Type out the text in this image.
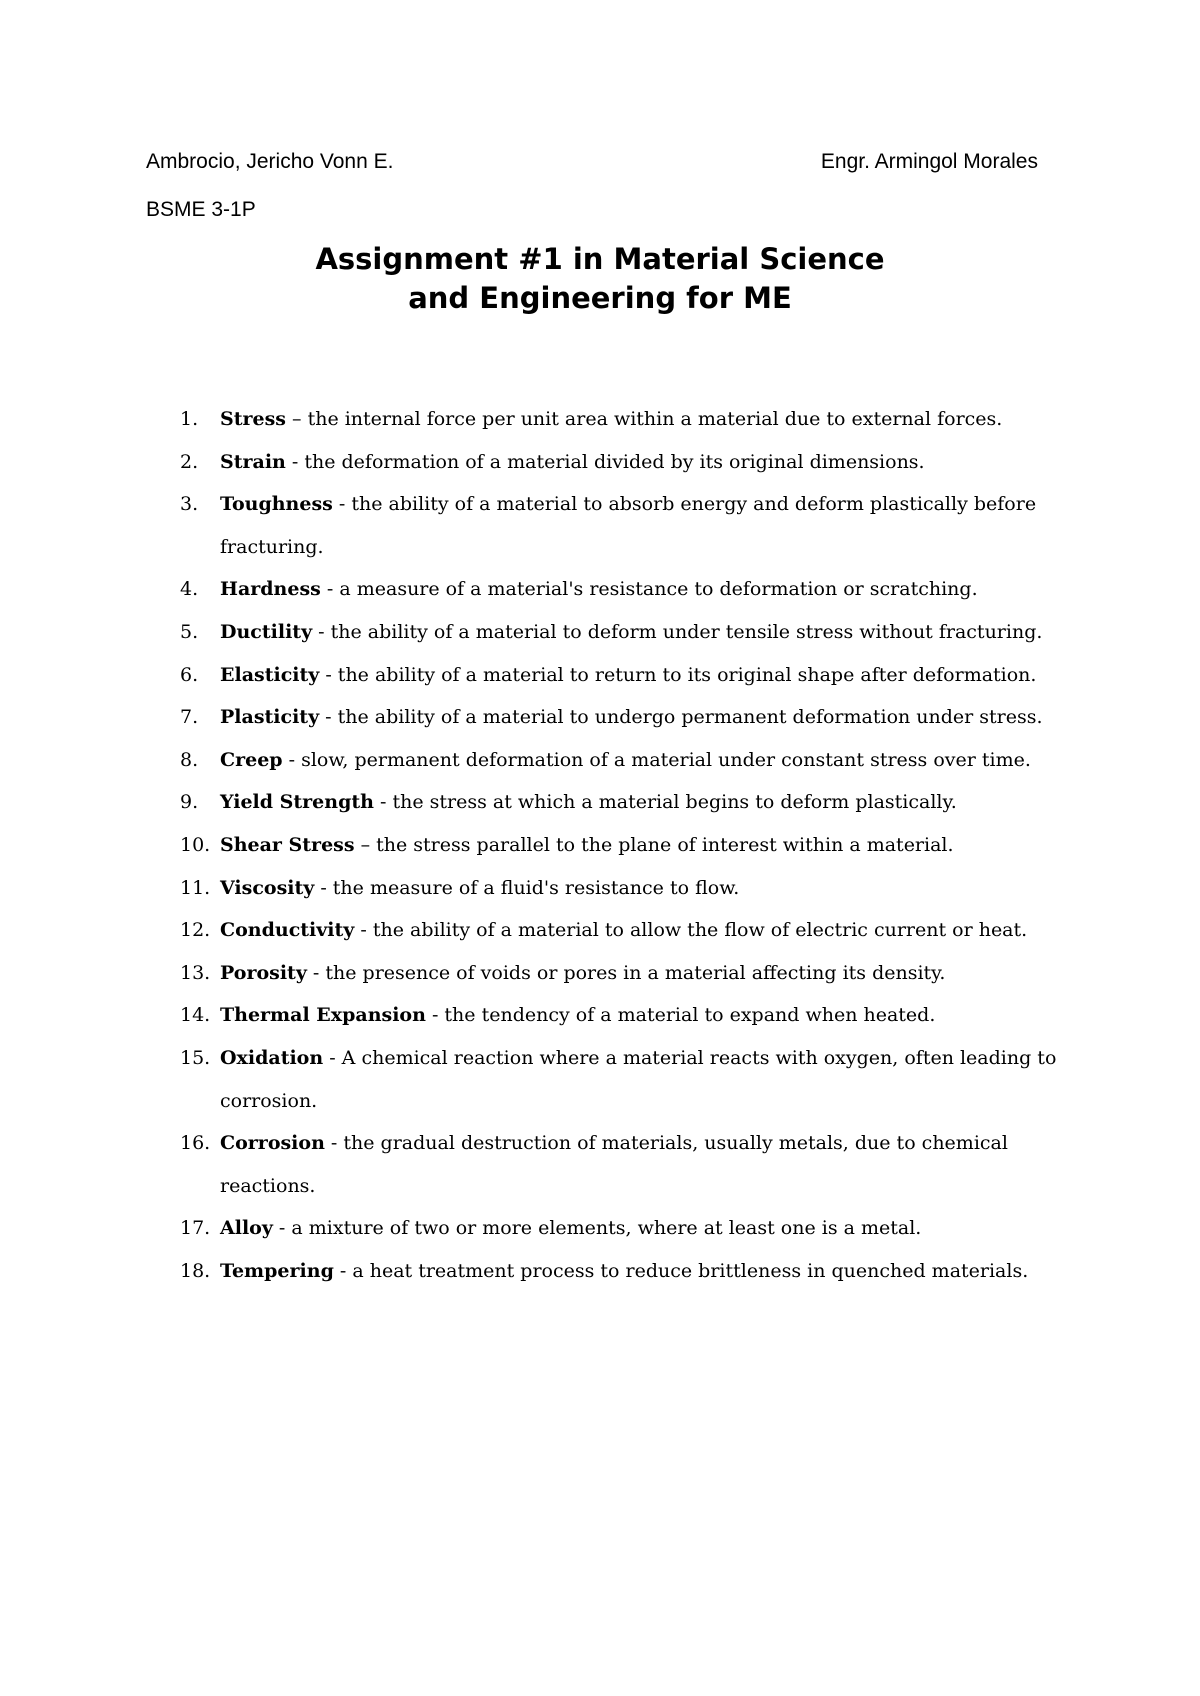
Ambrocio, Jericho Vonn E.	Engr. Armingol Morales
BSME 3-1P
Assignment #1 in Material Science
and Engineering for ME
1.	Stress – the internal force per unit area within a material due to external forces.
2.	Strain - the deformation of a material divided by its original dimensions.
3.	Toughness - the ability of a material to absorb energy and deform plastically before fracturing.
4.	Hardness - a measure of a material's resistance to deformation or scratching.
5.	Ductility - the ability of a material to deform under tensile stress without fracturing.
6.	Elasticity - the ability of a material to return to its original shape after deformation.
7.	Plasticity - the ability of a material to undergo permanent deformation under stress.
8.	Creep - slow, permanent deformation of a material under constant stress over time.
9.	Yield Strength - the stress at which a material begins to deform plastically.
10. Shear Stress – the stress parallel to the plane of interest within a material.
11. Viscosity - the measure of a fluid's resistance to flow.
12. Conductivity - the ability of a material to allow the flow of electric current or heat.
13. Porosity - the presence of voids or pores in a material affecting its density.
14. Thermal Expansion - the tendency of a material to expand when heated.
15. Oxidation - A chemical reaction where a material reacts with oxygen, often leading to corrosion.
16. Corrosion - the gradual destruction of materials, usually metals, due to chemical reactions.
17. Alloy - a mixture of two or more elements, where at least one is a metal.
18. Tempering - a heat treatment process to reduce brittleness in quenched materials.
